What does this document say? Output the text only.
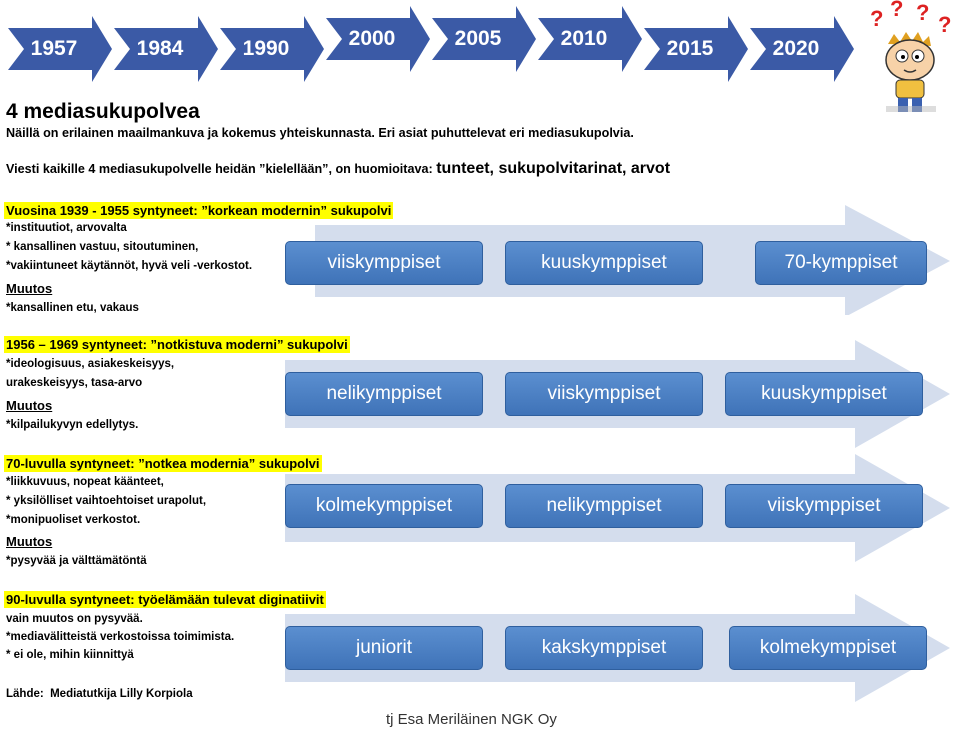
1957	1984	1990	2000	2005	2010	2015	2020
? ? ? ?
4 mediasukupolvea
Näillä on erilainen maailmankuva ja kokemus yhteiskunnasta. Eri asiat puhuttelevat eri mediasukupolvia.
Viesti kaikille 4 mediasukupolvelle heidän ”kielellään”, on huomioitava: tunteet, sukupolvitarinat, arvot
Vuosina 1939 - 1955 syntyneet: ”korkean modernin” sukupolvi
*instituutiot, arvovalta
* kansallinen vastuu, sitoutuminen,
*vakiintuneet käytännöt, hyvä veli -verkostot.
Muutos
*kansallinen etu, vakaus
1956 – 1969 syntyneet: ”notkistuva moderni” sukupolvi
*ideologisuus, asiakeskeisyys,
urakeskeisyys, tasa-arvo
Muutos
*kilpailukyvyn edellytys.
70-luvulla syntyneet: ”notkea modernia” sukupolvi
*liikkuvuus, nopeat käänteet,
* yksilölliset vaihtoehtoiset urapolut,
*monipuoliset verkostot.
Muutos
*pysyvää ja välttämätöntä
90-luvulla syntyneet: työelämään tulevat diginatiivit
vain muutos on pysyvää.
*mediavälitteistä verkostoissa toimimista.
* ei ole, mihin kiinnittyä
viiskymppiset	kuuskymppiset	70-kymppiset
nelikymppiset	viiskymppiset	kuuskymppiset
kolmekymppiset	nelikymppiset	viiskymppiset
juniorit	kakskymppiset	kolmekymppiset
Lähde: Mediatutkija Lilly Korpiola
tj Esa Meriläinen NGK Oy
